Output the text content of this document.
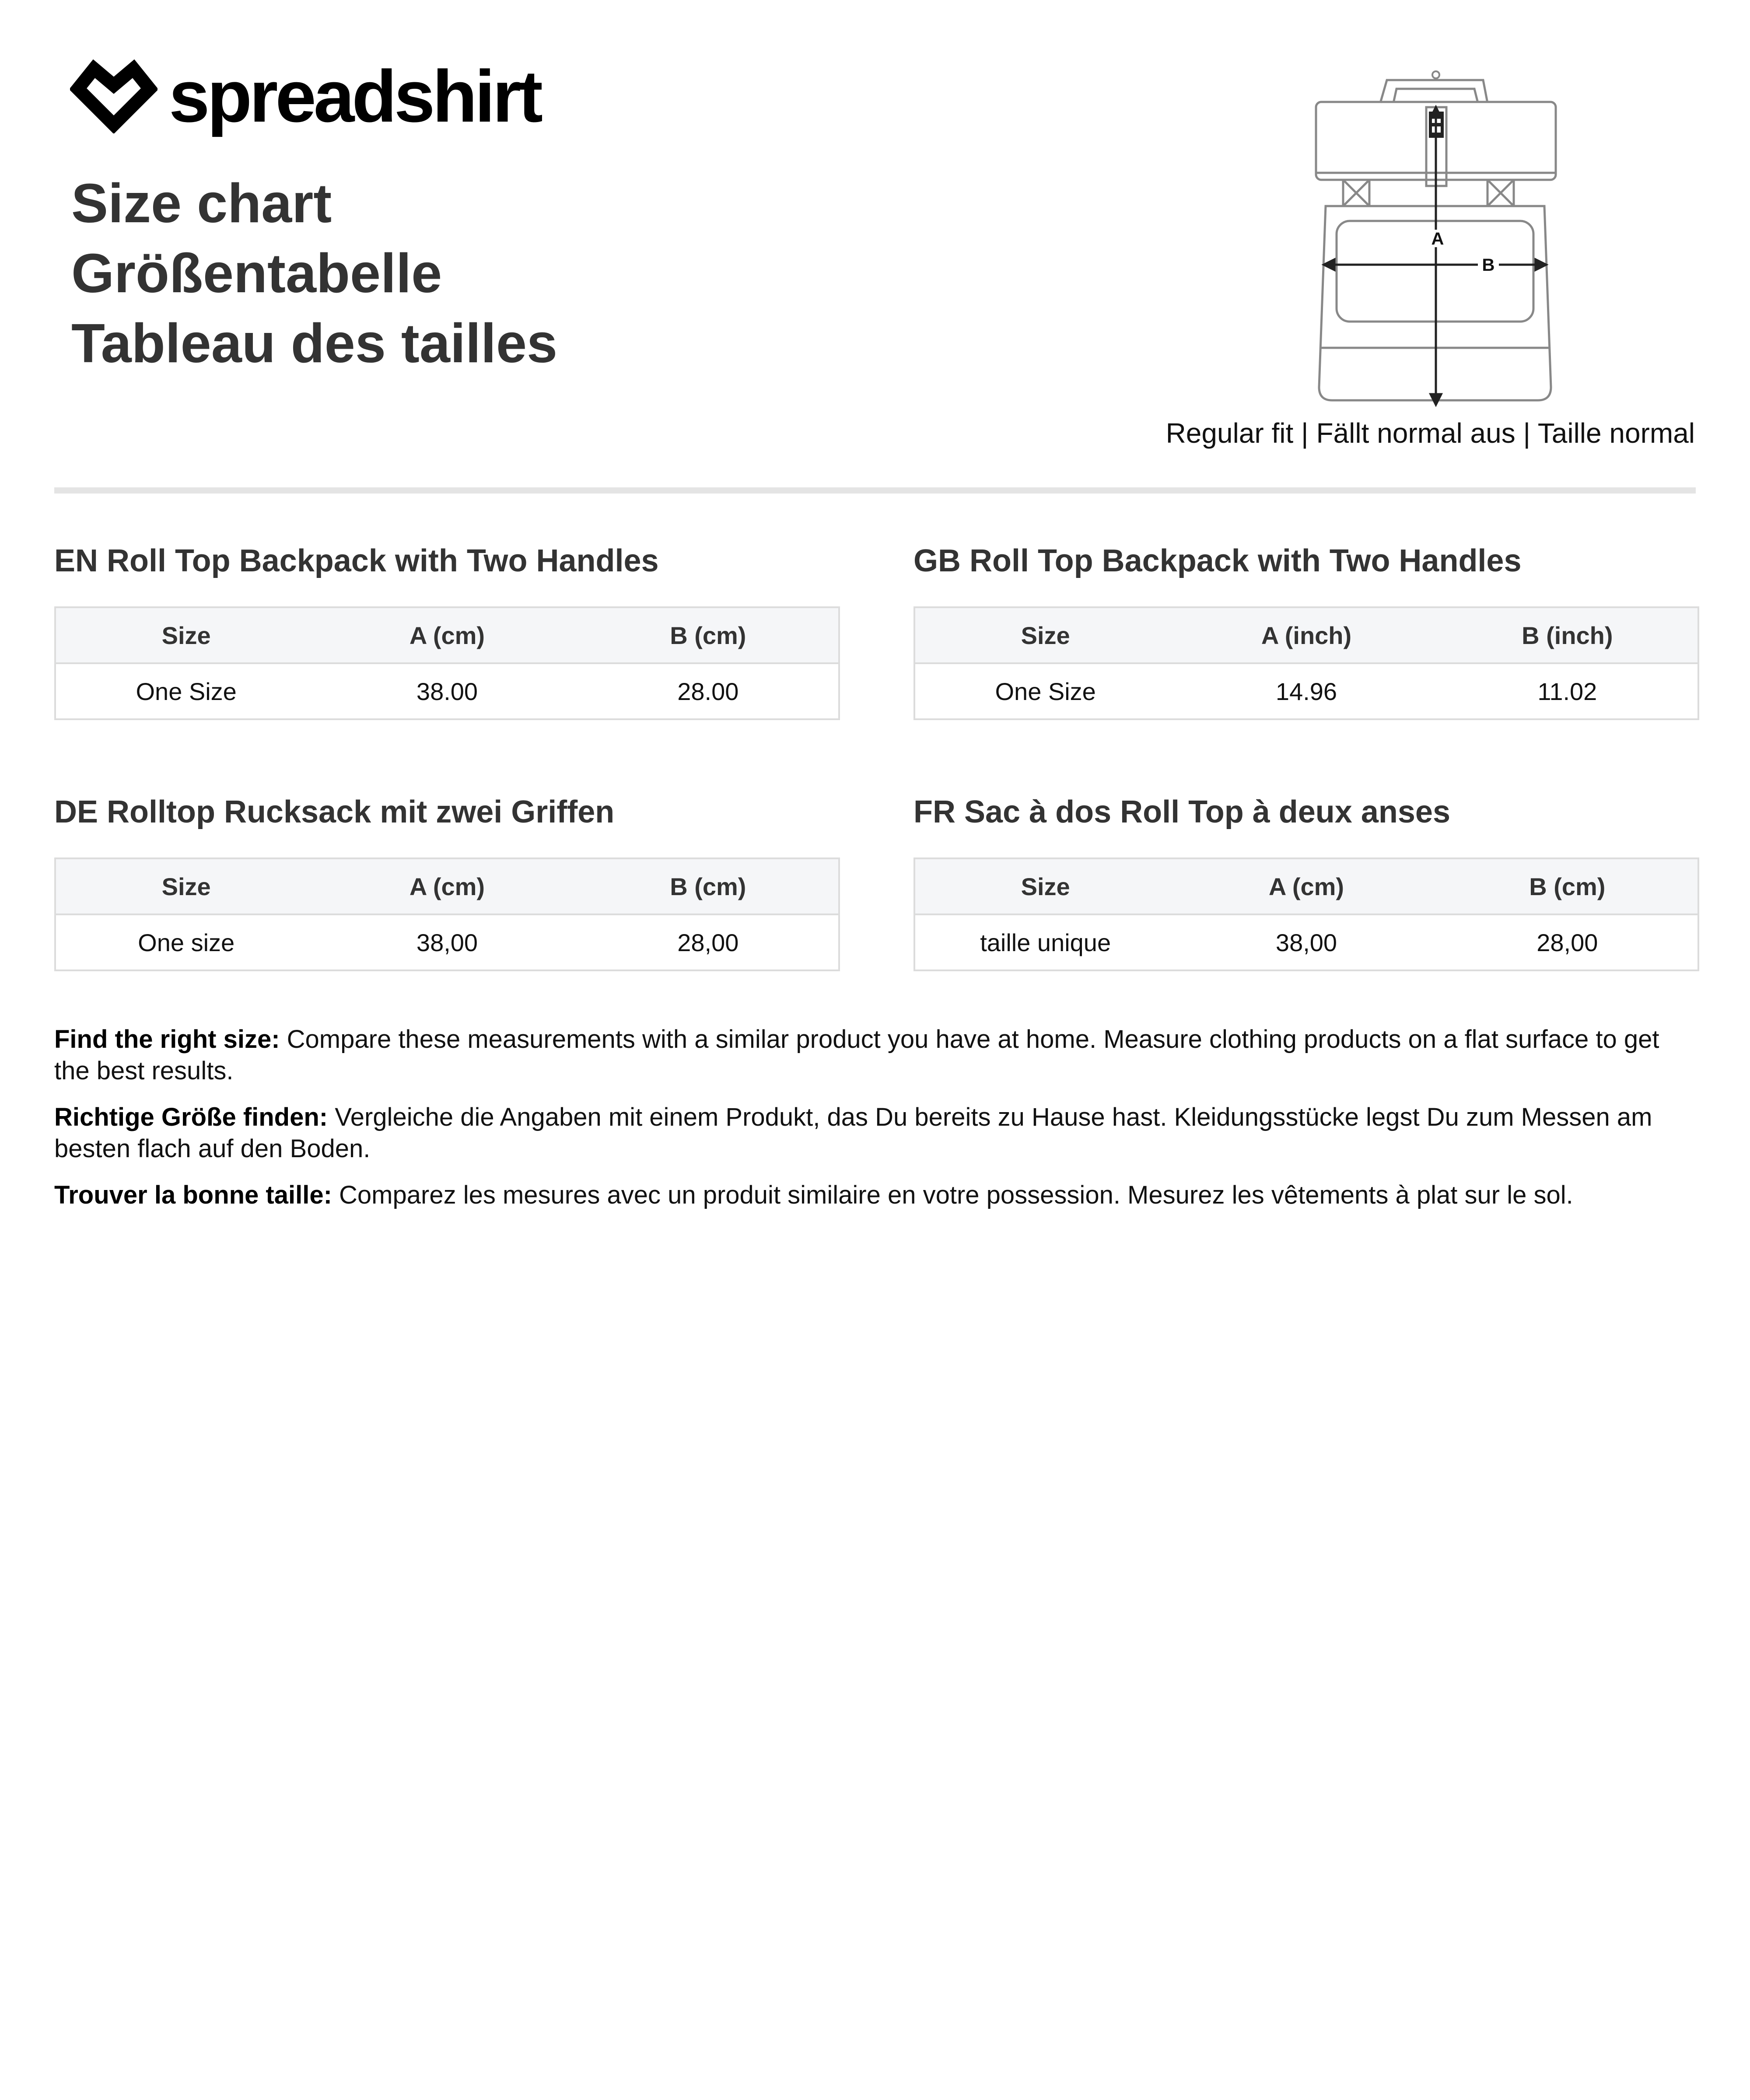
spreadshirt
Size chart
Größentabelle
Tableau des tailles
A
B
Regular fit | Fällt normal aus | Taille normal
EN Roll Top Backpack with Two Handles
Size	A (cm)	B (cm)
One Size	38.00	28.00
GB Roll Top Backpack with Two Handles
Size	A (inch)	B (inch)
One Size	14.96	11.02
DE Rolltop Rucksack mit zwei Griffen
Size	A (cm)	B (cm)
One size	38,00	28,00
FR Sac à dos Roll Top à deux anses
Size	A (cm)	B (cm)
taille unique	38,00	28,00

Find the right size: Compare these measurements with a similar product you have at home. Measure clothing products on a flat surface to get the best results.

Richtige Größe finden: Vergleiche die Angaben mit einem Produkt, das Du bereits zu Hause hast. Kleidungsstücke legst Du zum Messen am besten flach auf den Boden.

Trouver la bonne taille: Comparez les mesures avec un produit similaire en votre possession. Mesurez les vêtements à plat sur le sol.
